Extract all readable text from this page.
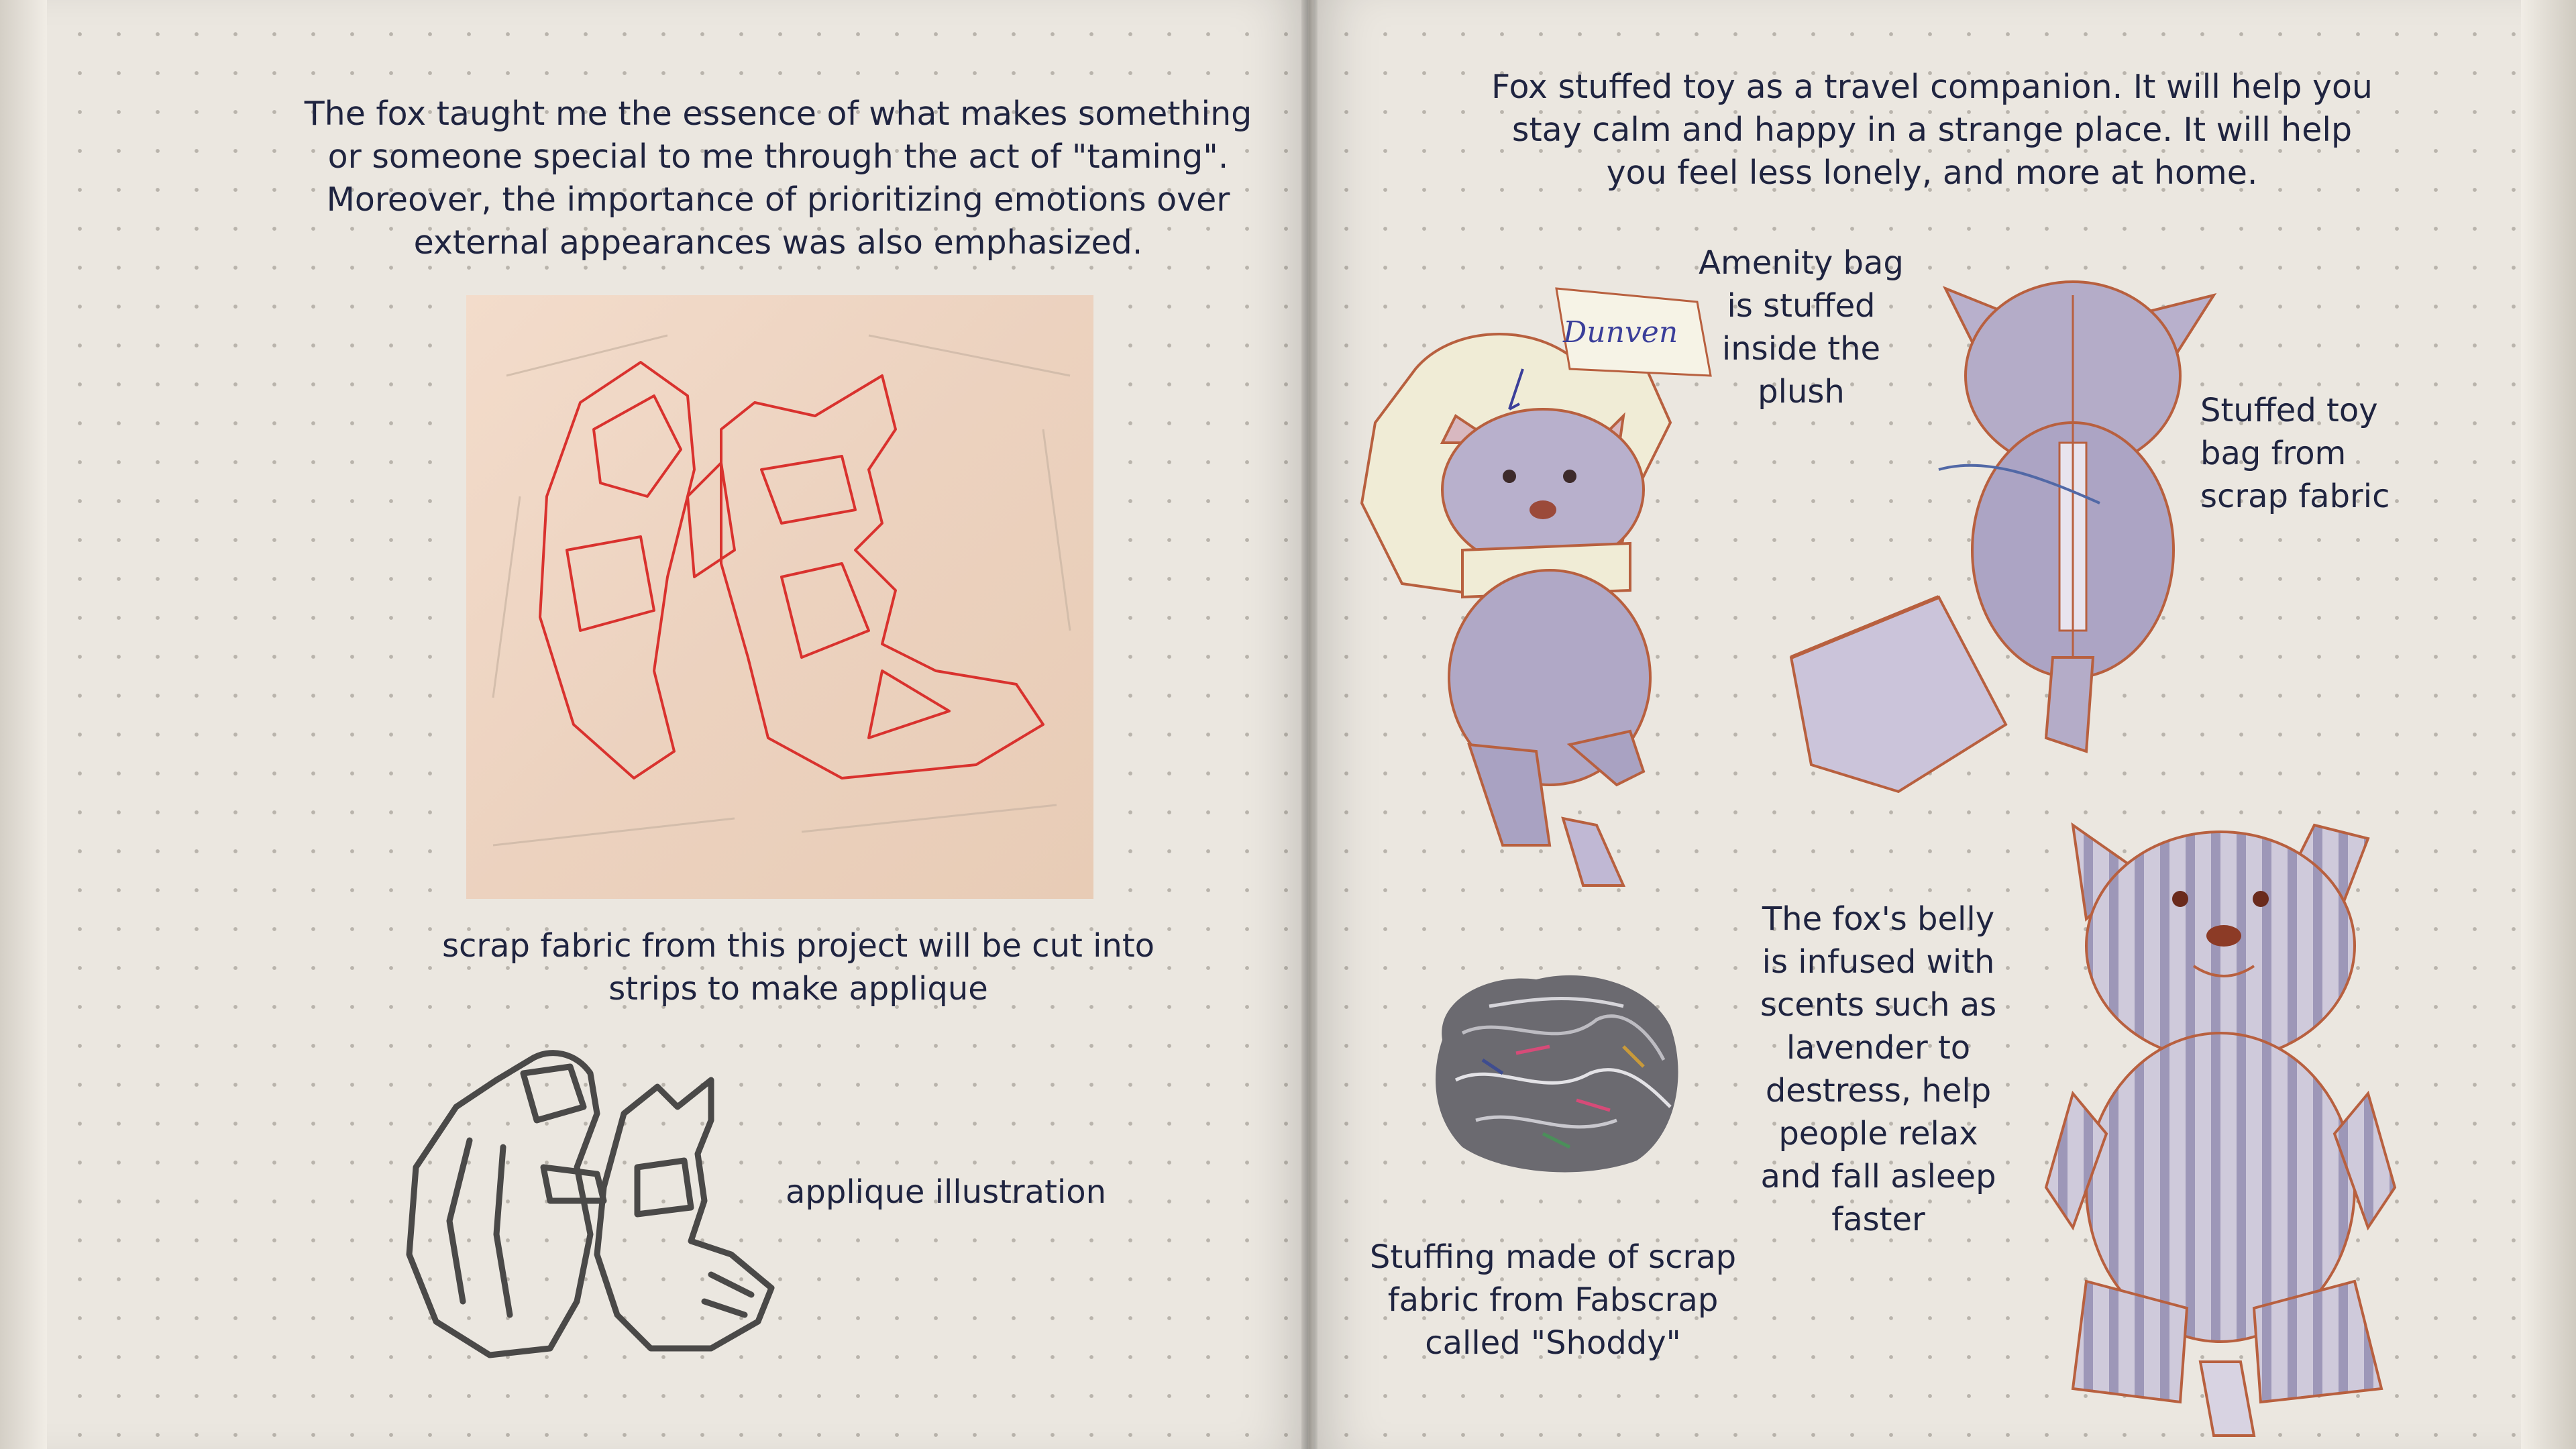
The fox taught me the essence of what makes something
or someone special to me through the act of "taming".
Moreover, the importance of prioritizing emotions over
external appearances was also emphasized.
scrap fabric from this project will be cut into
strips to make applique
applique illustration
Fox stuffed toy as a travel companion. It will help you
stay calm and happy in a strange place. It will help
you feel less lonely, and more at home.
Amenity bag
is stuffed
inside the
plush
Dunven
Stuffed toy
bag from
scrap fabric
Stuffing made of scrap
fabric from Fabscrap
called "Shoddy"
The fox's belly
is infused with
scents such as
lavender to
destress, help
people relax
and fall asleep
faster
